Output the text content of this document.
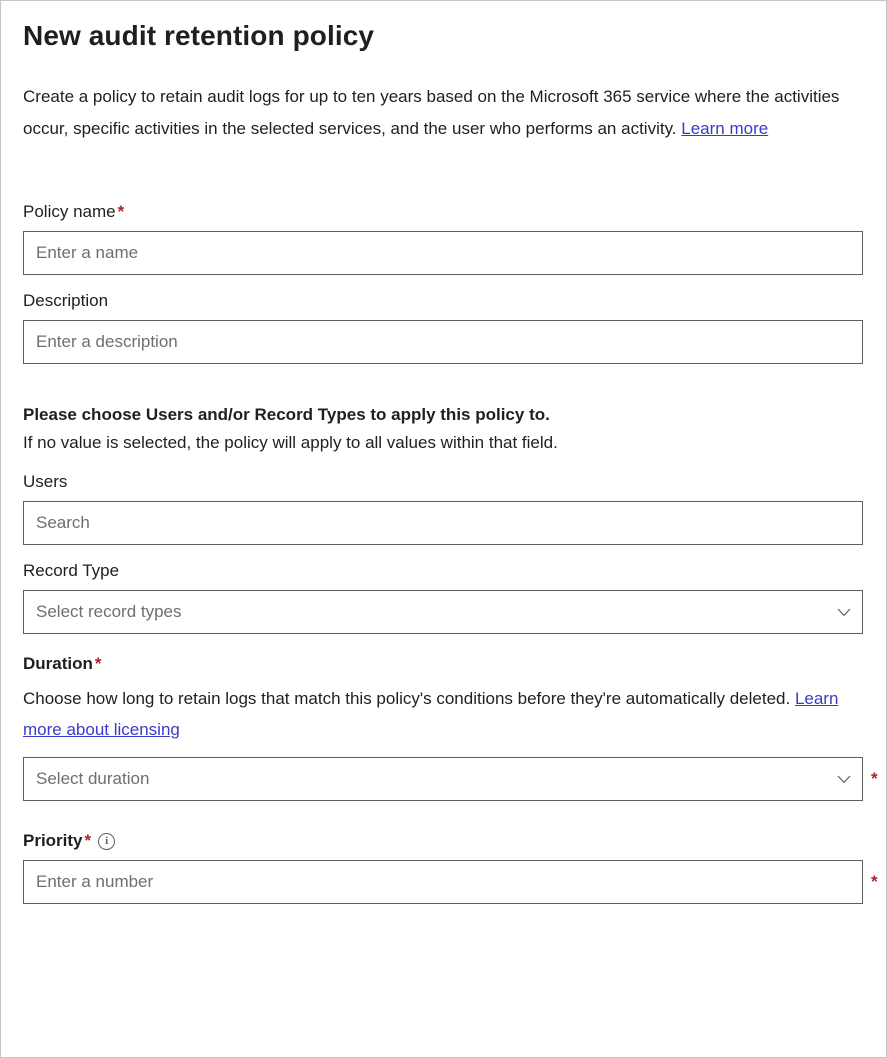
New audit retention policy

Create a policy to retain audit logs for up to ten years based on the Microsoft 365 service where the activities occur, specific activities in the selected services, and the user who performs an activity. Learn more

Policy name *
Enter a name
Description
Enter a description
Please choose Users and/or Record Types to apply this policy to.
If no value is selected, the policy will apply to all values within that field.
Users
Search
Record Type
Select record types
Duration *
Choose how long to retain logs that match this policy's conditions before they're automatically deleted. Learn more about licensing
Select duration	*
Priority *	i
Enter a number
*
